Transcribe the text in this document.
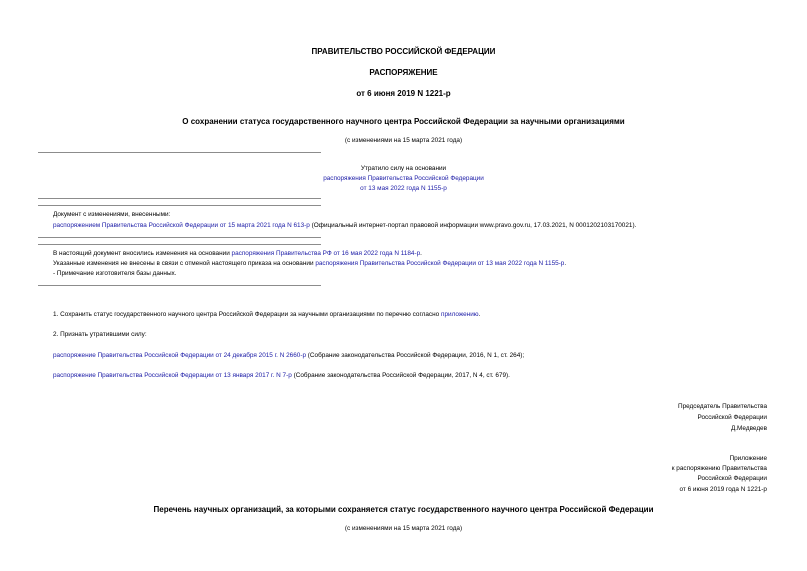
ПРАВИТЕЛЬСТВО РОССИЙСКОЙ ФЕДЕРАЦИИ
РАСПОРЯЖЕНИЕ
от 6 июня 2019 N 1221-р
О сохранении статуса государственного научного центра Российской Федерации за научными организациями
(с изменениями на 15 марта 2021 года)
Утратило силу на основании
распоряжения Правительства Российской Федерации
от 13 мая 2022 года N 1155-р
Документ с изменениями, внесенными:
распоряжением Правительства Российской Федерации от 15 марта 2021 года N 613-р (Официальный интернет-портал правовой информации www.pravo.gov.ru, 17.03.2021, N 0001202103170021).
В настоящий документ вносились изменения на основании распоряжения Правительства РФ от 16 мая 2022 года N 1184-р.
Указанные изменения не внесены в связи с отменой настоящего приказа на основании распоряжения Правительства Российской Федерации от 13 мая 2022 года N 1155-р.
- Примечание изготовителя базы данных.
1. Сохранить статус государственного научного центра Российской Федерации за научными организациями по перечню согласно приложению.
2. Признать утратившими силу:
распоряжение Правительства Российской Федерации от 24 декабря 2015 г. N 2660-р (Собрание законодательства Российской Федерации, 2016, N 1, ст. 264);
распоряжение Правительства Российской Федерации от 13 января 2017 г. N 7-р (Собрание законодательства Российской Федерации, 2017, N 4, ст. 679).
Председатель Правительства
Российской Федерации
Д.Медведев
Приложение
к распоряжению Правительства
Российской Федерации
от 6 июня 2019 года N 1221-р
Перечень научных организаций, за которыми сохраняется статус государственного научного центра Российской Федерации
(с изменениями на 15 марта 2021 года)
